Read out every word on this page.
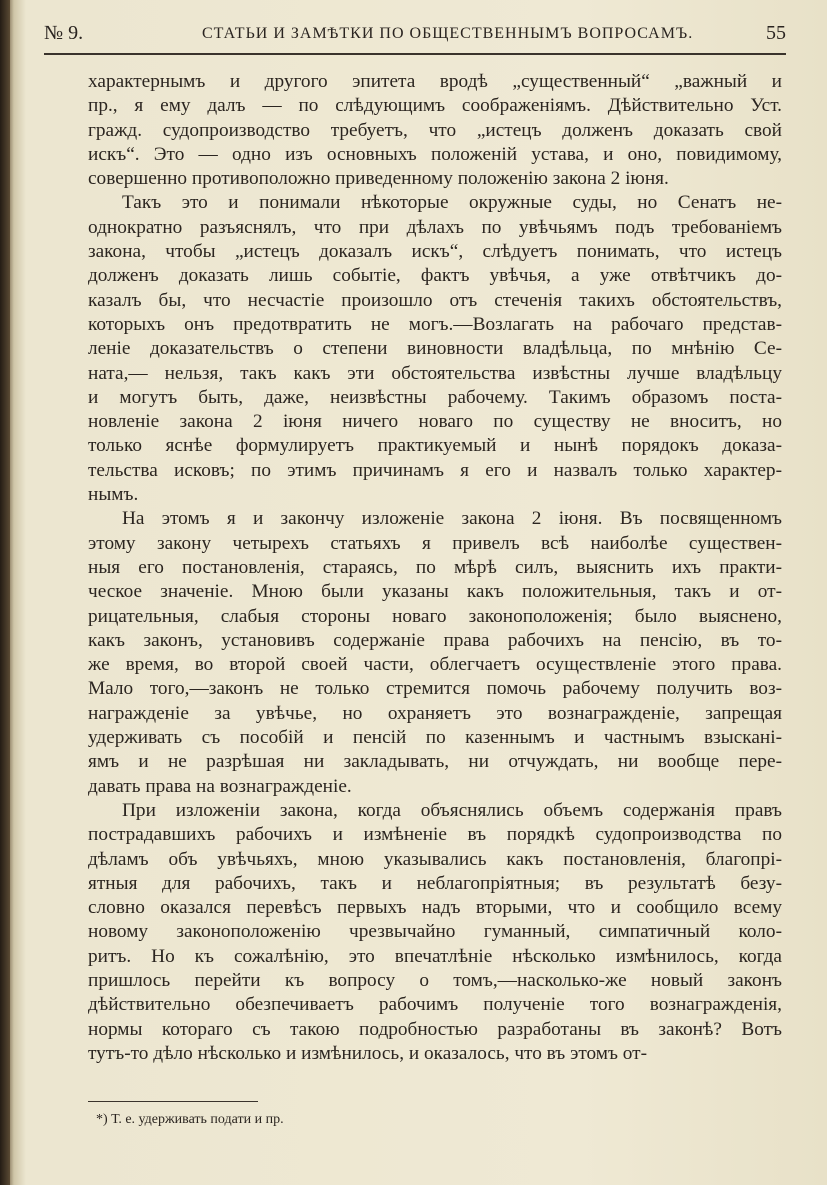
№ 9.	СТАТЬИ И ЗАМѢТКИ ПО ОБЩЕСТВЕННЫМЪ ВОПРОСАМЪ.	55
характернымъ и другого эпитета вродѣ „существенный“ „важный и
пр., я ему далъ — по слѣдующимъ соображеніямъ. Дѣйствительно Уст.
гражд. судопроизводство требуетъ, что „истецъ долженъ доказать свой
искъ“. Это — одно изъ основныхъ положеній устава, и оно, повидимому,
совершенно противоположно приведенному положенію закона 2 іюня.
Такъ это и понимали нѣкоторые окружные суды, но Сенатъ не-
однократно разъяснялъ, что при дѣлахъ по увѣчьямъ подъ требованіемъ
закона, чтобы „истецъ доказалъ искъ“, слѣдуетъ понимать, что истецъ
долженъ доказать лишь событіе, фактъ увѣчья, а уже отвѣтчикъ до-
казалъ бы, что несчастіе произошло отъ стеченія такихъ обстоятельствъ,
которыхъ онъ предотвратить не могъ.—Возлагать на рабочаго представ-
леніе доказательствъ о степени виновности владѣльца, по мнѣнію Се-
ната,— нельзя, такъ какъ эти обстоятельства извѣстны лучше владѣльцу
и могутъ быть, даже, неизвѣстны рабочему. Такимъ образомъ поста-
новленіе закона 2 іюня ничего новаго по существу не вноситъ, но
только яснѣе формулируетъ практикуемый и нынѣ порядокъ доказа-
тельства исковъ; по этимъ причинамъ я его и назвалъ только характер-
нымъ.
На этомъ я и закончу изложеніе закона 2 іюня. Въ посвященномъ
этому закону четырехъ статьяхъ я привелъ всѣ наиболѣе существен-
ныя его постановленія, стараясь, по мѣрѣ силъ, выяснить ихъ практи-
ческое значеніе. Мною были указаны какъ положительныя, такъ и от-
рицательныя, слабыя стороны новаго законоположенія; было выяснено,
какъ законъ, установивъ содержаніе права рабочихъ на пенсію, въ то-
же время, во второй своей части, облегчаетъ осуществленіе этого права.
Мало того,—законъ не только стремится помочь рабочему получить воз-
награжденіе за увѣчье, но охраняетъ это вознагражденіе, запрещая
удерживать съ пособій и пенсій по казеннымъ и частнымъ взыскані-
ямъ и не разрѣшая ни закладывать, ни отчуждать, ни вообще пере-
давать права на вознагражденіе.
При изложеніи закона, когда объяснялись объемъ содержанія правъ
пострадавшихъ рабочихъ и измѣненіе въ порядкѣ судопроизводства по
дѣламъ объ увѣчьяхъ, мною указывались какъ постановленія, благопрі-
ятныя для рабочихъ, такъ и неблагопріятныя; въ результатѣ безу-
словно оказался перевѣсъ первыхъ надъ вторыми, что и сообщило всему
новому законоположенію чрезвычайно гуманный, симпатичный коло-
ритъ. Но къ сожалѣнію, это впечатлѣніе нѣсколько измѣнилось, когда
пришлось перейти къ вопросу о томъ,—насколько-же новый законъ
дѣйствительно обезпечиваетъ рабочимъ полученіе того вознагражденія,
нормы котораго съ такою подробностью разработаны въ законѣ? Вотъ
тутъ-то дѣло нѣсколько и измѣнилось, и оказалось, что въ этомъ от-
*) Т. е. удерживать подати и пр.
